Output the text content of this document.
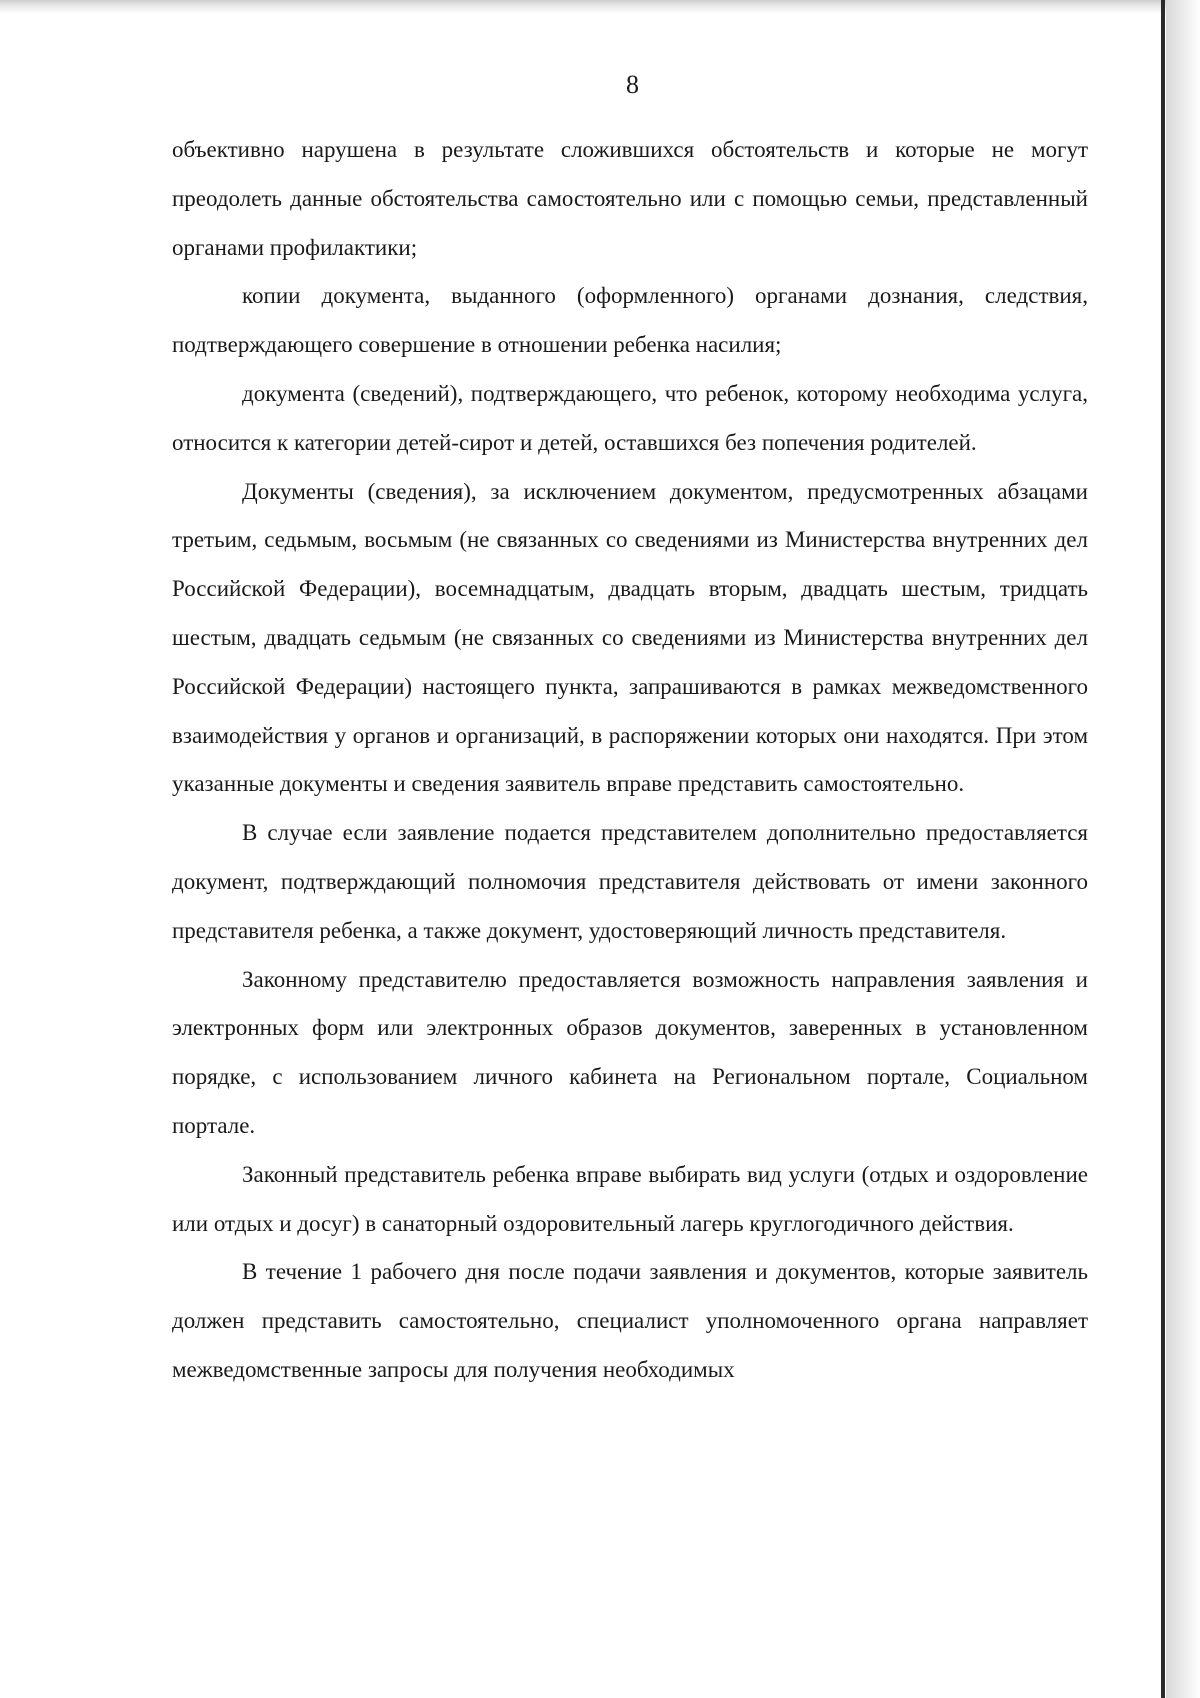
8

объективно нарушена в результате сложившихся обстоятельств и которые не могут преодолеть данные обстоятельства самостоятельно или с помощью семьи, представленный органами профилактики;

копии документа, выданного (оформленного) органами дознания, следствия, подтверждающего совершение в отношении ребенка насилия;

документа (сведений), подтверждающего, что ребенок, которому необходима услуга, относится к категории детей-сирот и детей, оставшихся без попечения родителей.

Документы (сведения), за исключением документом, предусмотренных абзацами третьим, седьмым, восьмым (не связанных со сведениями из Министерства внутренних дел Российской Федерации), восемнадцатым, двадцать вторым, двадцать шестым, тридцать шестым, двадцать седьмым (не связанных со сведениями из Министерства внутренних дел Российской Федерации) настоящего пункта, запрашиваются в рамках межведомственного взаимодействия у органов и организаций, в распоряжении которых они находятся. При этом указанные документы и сведения заявитель вправе представить самостоятельно.

В случае если заявление подается представителем дополнительно предоставляется документ, подтверждающий полномочия представителя действовать от имени законного представителя ребенка, а также документ, удостоверяющий личность представителя.

Законному представителю предоставляется возможность направления заявления и электронных форм или электронных образов документов, заверенных в установленном порядке, с использованием личного кабинета на Региональном портале, Социальном портале.

Законный представитель ребенка вправе выбирать вид услуги (отдых и оздоровление или отдых и досуг) в санаторный оздоровительный лагерь круглогодичного действия.

В течение 1 рабочего дня после подачи заявления и документов, которые заявитель должен представить самостоятельно, специалист уполномоченного органа направляет межведомственные запросы для получения необходимых
